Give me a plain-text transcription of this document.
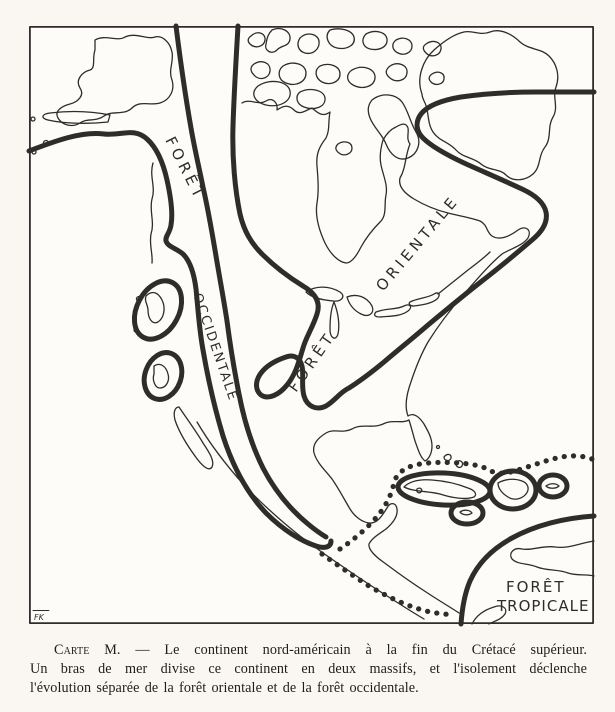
FORÊT
OCCIDENTALE	FORÊT
ORIENTALE
FORÊT
TROPICALE
FK
Carte M. — Le continent nord-américain à la fin du Crétacé supérieur.
Un bras de mer divise ce continent en deux massifs, et l'isolement déclenche
l'évolution séparée de la forêt orientale et de la forêt occidentale.
